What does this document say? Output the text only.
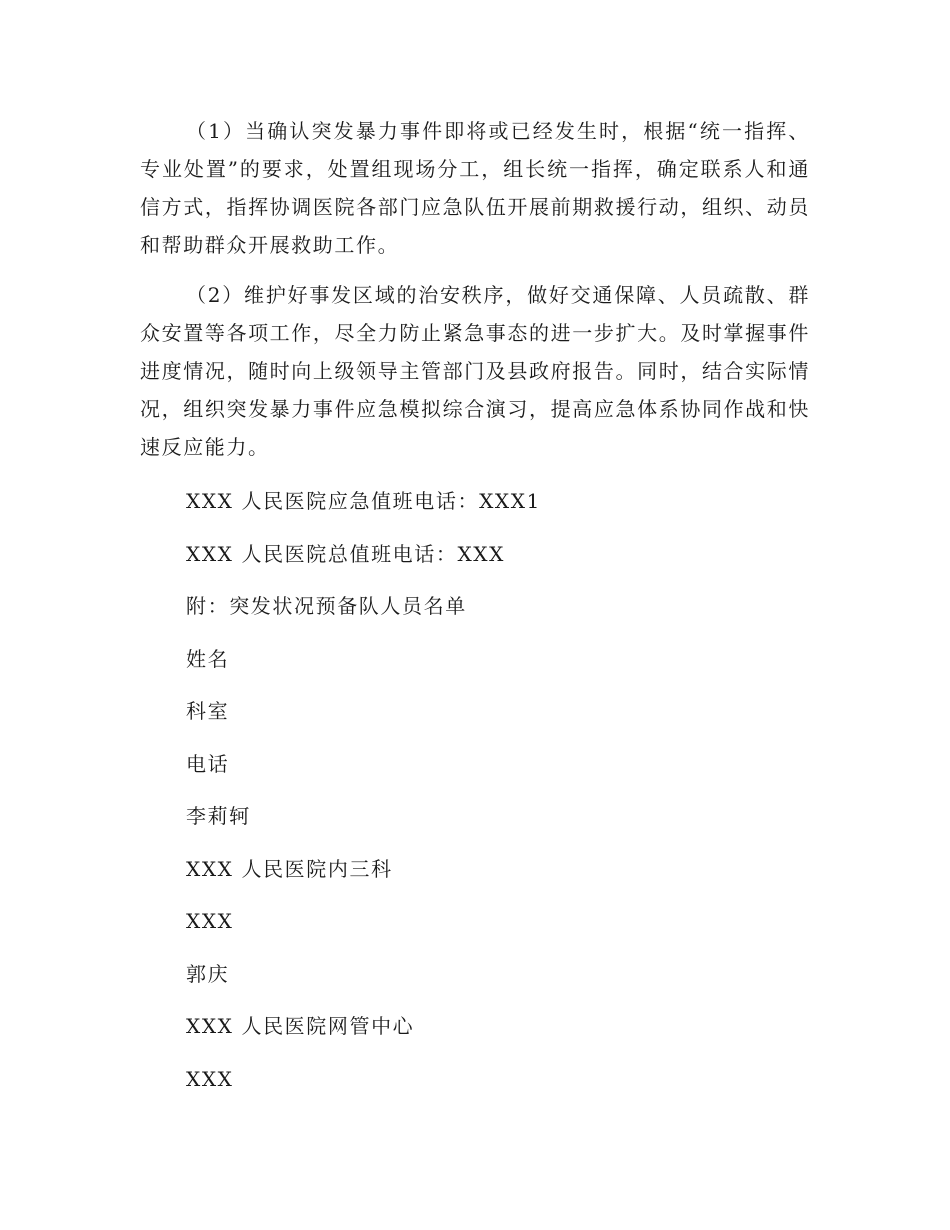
（1）当确认突发暴力事件即将或已经发生时，根据“统一指挥、专业处置”的要求，处置组现场分工，组长统一指挥，确定联系人和通信方式，指挥协调医院各部门应急队伍开展前期救援行动，组织、动员和帮助群众开展救助工作。

（2）维护好事发区域的治安秩序，做好交通保障、人员疏散、群众安置等各项工作，尽全力防止紧急事态的进一步扩大。及时掌握事件进度情况，随时向上级领导主管部门及县政府报告。同时，结合实际情况，组织突发暴力事件应急模拟综合演习，提高应急体系协同作战和快速反应能力。

XXX 人民医院应急值班电话：XXX1

XXX 人民医院总值班电话：XXX

附：突发状况预备队人员名单

姓名

科室

电话

李莉轲

XXX 人民医院内三科

XXX

郭庆

XXX 人民医院网管中心

XXX
